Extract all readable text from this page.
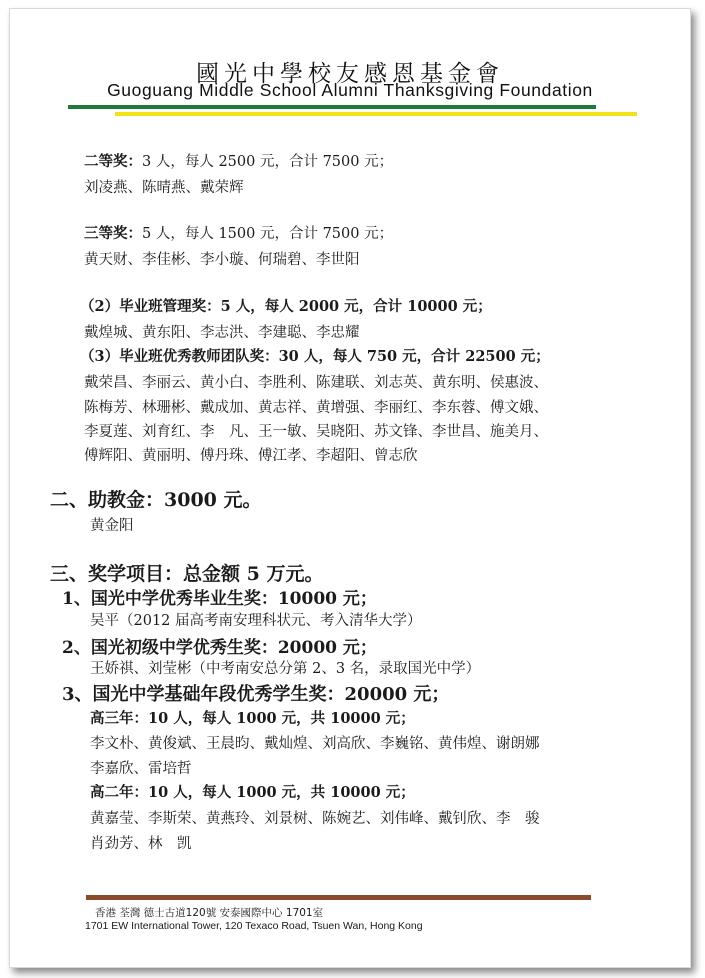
國光中學校友感恩基金會
Guoguang Middle School Alumni Thanksgiving Foundation
二等奖：3 人，每人 2500 元，合计 7500 元；
刘凌燕、陈晴燕、戴荣辉
三等奖：5 人，每人 1500 元，合计 7500 元；
黄天财、李佳彬、李小璇、何瑞碧、李世阳
（2）毕业班管理奖：5 人，每人 2000 元，合计 10000 元；
戴煌城、黄东阳、李志洪、李建聪、李忠耀
（3）毕业班优秀教师团队奖：30 人，每人 750 元，合计 22500 元；
戴荣昌、李丽云、黄小白、李胜利、陈建联、刘志英、黄东明、侯惠波、
陈梅芳、林珊彬、戴成加、黄志祥、黄增强、李丽红、李东蓉、傅文娥、
李夏莲、刘育红、李　凡、王一敏、吴晓阳、苏文锋、李世昌、施美月、
傅辉阳、黄丽明、傅丹珠、傅江孝、李超阳、曾志欣
二、助教金：3000 元。
黄金阳
三、奖学项目：总金额 5 万元。
1、国光中学优秀毕业生奖：10000 元；
吴平（2012 届高考南安理科状元、考入清华大学）
2、国光初级中学优秀生奖：20000 元；
王娇祺、刘莹彬（中考南安总分第 2、3 名，录取国光中学）
3、国光中学基础年段优秀学生奖：20000 元；
高三年：10 人，每人 1000 元，共 10000 元；
李文朴、黄俊斌、王晨昀、戴灿煌、刘高欣、李巍铭、黄伟煌、谢朗娜
李嘉欣、雷培哲
高二年：10 人，每人 1000 元，共 10000 元；
黄嘉莹、李斯荣、黄燕玲、刘景树、陈婉艺、刘伟峰、戴钊欣、李　骏
肖劲芳、林　凯
香港 荃灣 德士古道120號 安泰國際中心 1701室
1701 EW International Tower, 120 Texaco Road, Tsuen Wan, Hong Kong
